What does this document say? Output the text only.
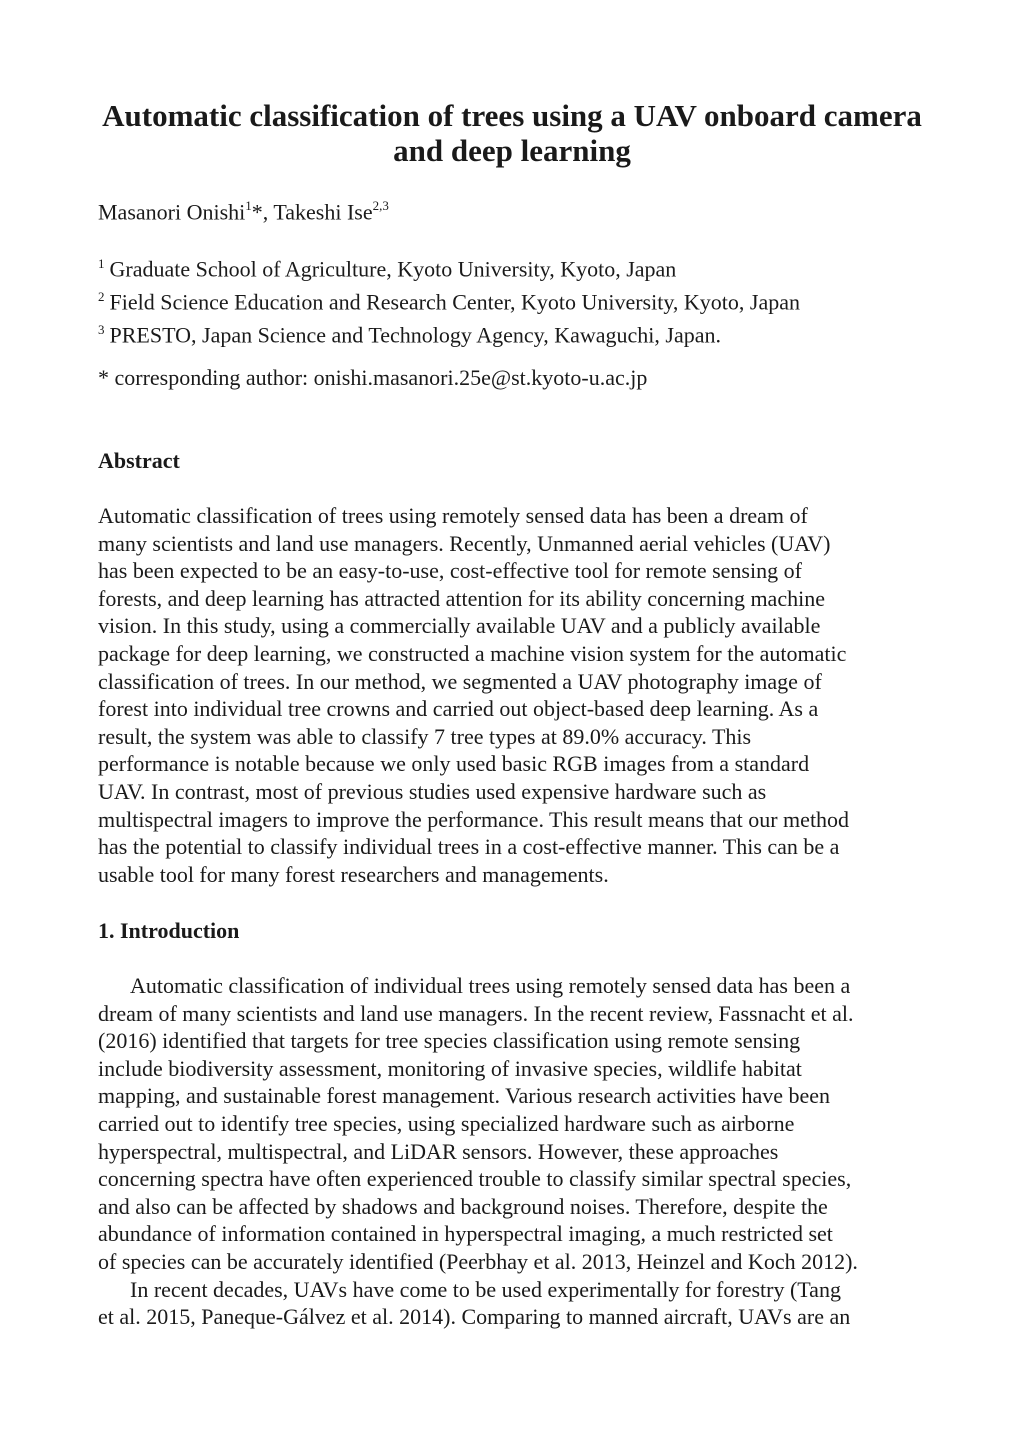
Automatic classification of trees using a UAV onboard camera
and deep learning
Masanori Onishi$^1$*, Takeshi Ise$^{2,3}$
$^1$ Graduate School of Agriculture, Kyoto University, Kyoto, Japan
$^2$ Field Science Education and Research Center, Kyoto University, Kyoto, Japan
$^3$ PRESTO, Japan Science and Technology Agency, Kawaguchi, Japan.
* corresponding author: onishi.masanori.25e@st.kyoto-u.ac.jp
Abstract
Automatic classification of trees using remotely sensed data has been a dream of
many scientists and land use managers. Recently, Unmanned aerial vehicles (UAV)
has been expected to be an easy-to-use, cost-effective tool for remote sensing of
forests, and deep learning has attracted attention for its ability concerning machine
vision. In this study, using a commercially available UAV and a publicly available
package for deep learning, we constructed a machine vision system for the automatic
classification of trees. In our method, we segmented a UAV photography image of
forest into individual tree crowns and carried out object-based deep learning. As a
result, the system was able to classify 7 tree types at 89.0% accuracy. This
performance is notable because we only used basic RGB images from a standard
UAV. In contrast, most of previous studies used expensive hardware such as
multispectral imagers to improve the performance. This result means that our method
has the potential to classify individual trees in a cost-effective manner. This can be a
usable tool for many forest researchers and managements.
1. Introduction
Automatic classification of individual trees using remotely sensed data has been a
dream of many scientists and land use managers. In the recent review, Fassnacht et al.
(2016) identified that targets for tree species classification using remote sensing
include biodiversity assessment, monitoring of invasive species, wildlife habitat
mapping, and sustainable forest management. Various research activities have been
carried out to identify tree species, using specialized hardware such as airborne
hyperspectral, multispectral, and LiDAR sensors. However, these approaches
concerning spectra have often experienced trouble to classify similar spectral species,
and also can be affected by shadows and background noises. Therefore, despite the
abundance of information contained in hyperspectral imaging, a much restricted set
of species can be accurately identified (Peerbhay et al. 2013, Heinzel and Koch 2012).
In recent decades, UAVs have come to be used experimentally for forestry (Tang
et al. 2015, Paneque-Gálvez et al. 2014). Comparing to manned aircraft, UAVs are an
